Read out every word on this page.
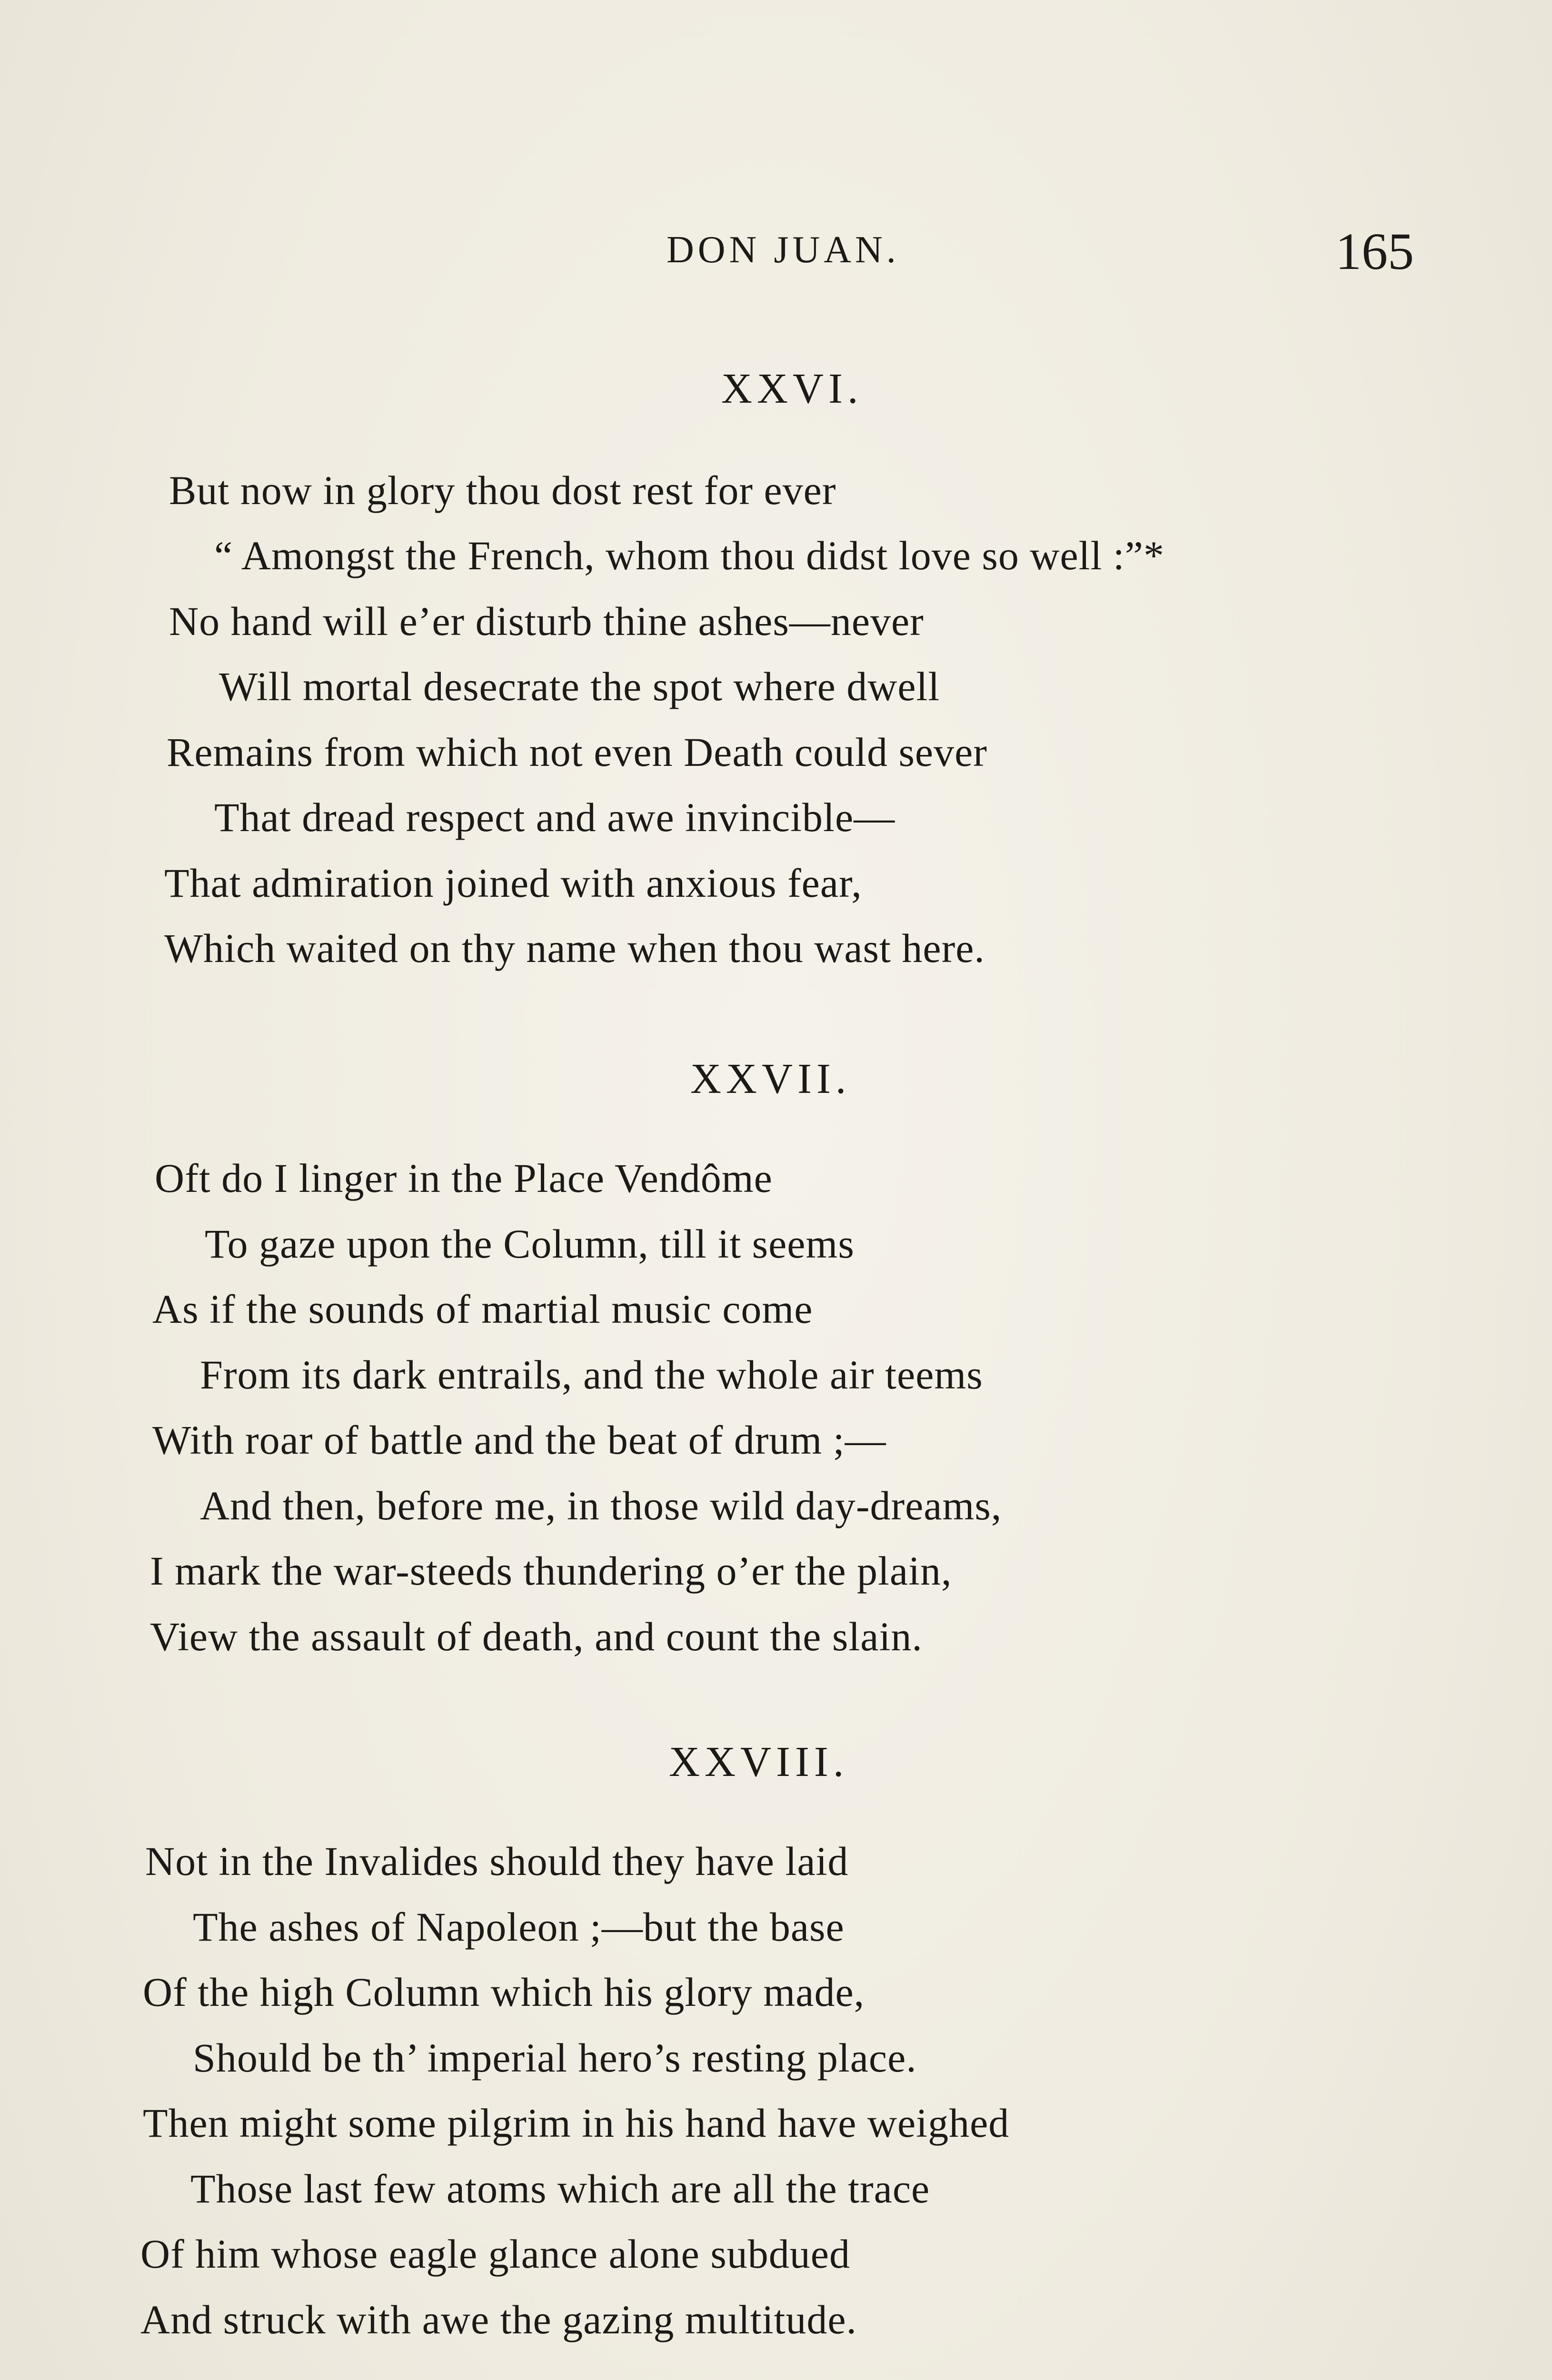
DON JUAN.	165
XXVI.
But now in glory thou dost rest for ever
“ Amongst the French, whom thou didst love so well :”*
No hand will e’er disturb thine ashes—never
Will mortal desecrate the spot where dwell
Remains from which not even Death could sever
That dread respect and awe invincible—
That admiration joined with anxious fear,
Which waited on thy name when thou wast here.
XXVII.
Oft do I linger in the Place Vendôme
To gaze upon the Column, till it seems
As if the sounds of martial music come
From its dark entrails, and the whole air teems
With roar of battle and the beat of drum ;—
And then, before me, in those wild day-dreams,
I mark the war-steeds thundering o’er the plain,
View the assault of death, and count the slain.
XXVIII.
Not in the Invalides should they have laid
The ashes of Napoleon ;—but the base
Of the high Column which his glory made,
Should be th’ imperial hero’s resting place.
Then might some pilgrim in his hand have weighed
Those last few atoms which are all the trace
Of him whose eagle glance alone subdued
And struck with awe the gazing multitude.
